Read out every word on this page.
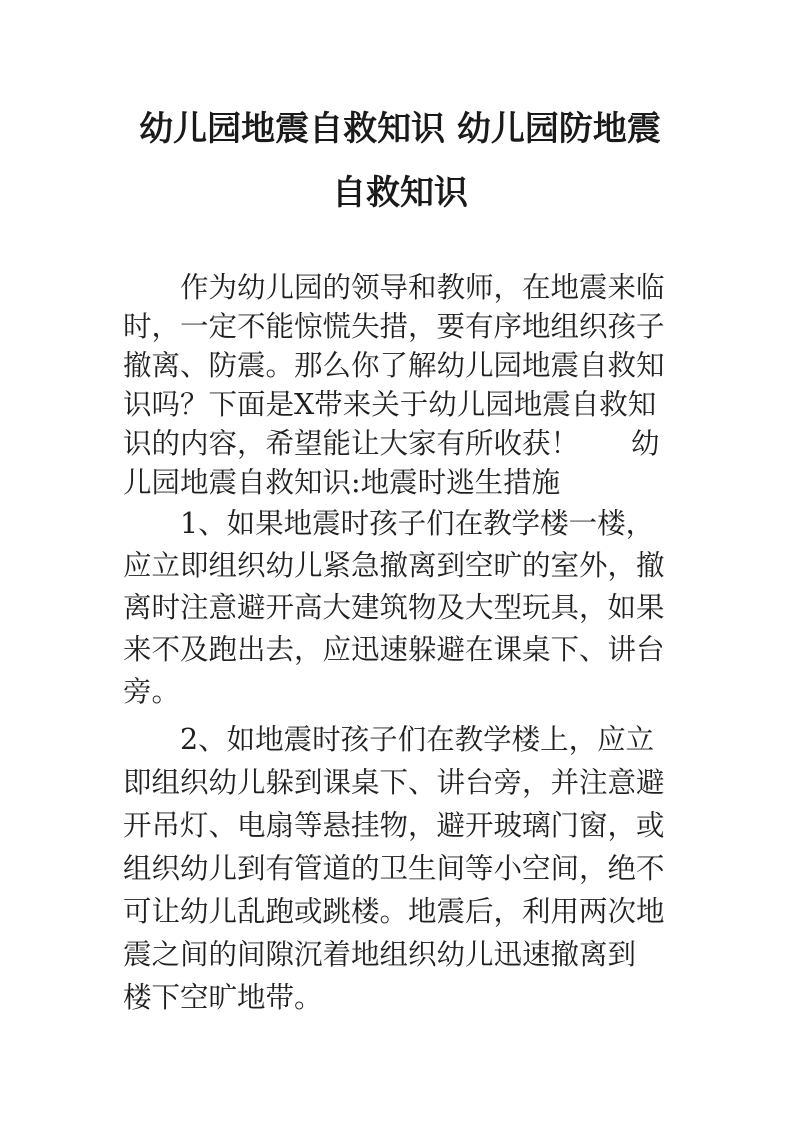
幼儿园地震自救知识 幼儿园防地震
自救知识
作为幼儿园的领导和教师，在地震来临
时，一定不能惊慌失措，要有序地组织孩子
撤离、防震。那么你了解幼儿园地震自救知
识吗？下面是X带来关于幼儿园地震自救知
识的内容，希望能让大家有所收获！ 幼
儿园地震自救知识:地震时逃生措施
1、如果地震时孩子们在教学楼一楼，
应立即组织幼儿紧急撤离到空旷的室外，撤
离时注意避开高大建筑物及大型玩具，如果
来不及跑出去，应迅速躲避在课桌下、讲台
旁。
2、如地震时孩子们在教学楼上，应立
即组织幼儿躲到课桌下、讲台旁，并注意避
开吊灯、电扇等悬挂物，避开玻璃门窗，或
组织幼儿到有管道的卫生间等小空间，绝不
可让幼儿乱跑或跳楼。地震后，利用两次地
震之间的间隙沉着地组织幼儿迅速撤离到
楼下空旷地带。
